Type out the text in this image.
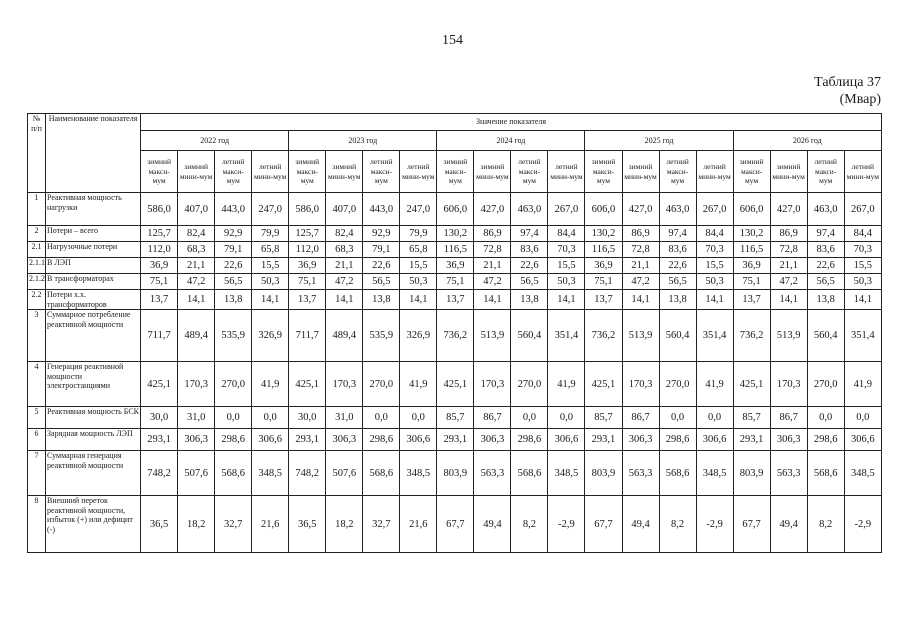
154
Таблица 37
(Мвар)
№ п/п	Наименование показателя	Значение показателя																			
		2022 год				2023 год				2024 год				2025 год				2026 год			
		зимний макси-мум	зимний мини-мум	летний макси-мум	летний мини-мум	зимний макси-мум	зимний мини-мум	летний макси-мум	летний мини-мум	зимний макси-мум	зимний мини-мум	летний макси-мум	летний мини-мум	зимний макси-мум	зимний мини-мум	летний макси-мум	летний мини-мум	зимний макси-мум	зимний мини-мум	летний макси-мум	летний мини-мум
1	Реактивная мощность нагрузки	586,0	407,0	443,0	247,0	586,0	407,0	443,0	247,0	606,0	427,0	463,0	267,0	606,0	427,0	463,0	267,0	606,0	427,0	463,0	267,0
2	Потери – всего	125,7	82,4	92,9	79,9	125,7	82,4	92,9	79,9	130,2	86,9	97,4	84,4	130,2	86,9	97,4	84,4	130,2	86,9	97,4	84,4
2.1	Нагрузочные потери	112,0	68,3	79,1	65,8	112,0	68,3	79,1	65,8	116,5	72,8	83,6	70,3	116,5	72,8	83,6	70,3	116,5	72,8	83,6	70,3
2.1.1	В ЛЭП	36,9	21,1	22,6	15,5	36,9	21,1	22,6	15,5	36,9	21,1	22,6	15,5	36,9	21,1	22,6	15,5	36,9	21,1	22,6	15,5
2.1.2	В трансформаторах	75,1	47,2	56,5	50,3	75,1	47,2	56,5	50,3	75,1	47,2	56,5	50,3	75,1	47,2	56,5	50,3	75,1	47,2	56,5	50,3
2.2	Потери х.х. трансформаторов	13,7	14,1	13,8	14,1	13,7	14,1	13,8	14,1	13,7	14,1	13,8	14,1	13,7	14,1	13,8	14,1	13,7	14,1	13,8	14,1
3	Суммарное потребление реактивной мощности	711,7	489,4	535,9	326,9	711,7	489,4	535,9	326,9	736,2	513,9	560,4	351,4	736,2	513,9	560,4	351,4	736,2	513,9	560,4	351,4
4	Генерация реактивной мощности электростанциями	425,1	170,3	270,0	41,9	425,1	170,3	270,0	41,9	425,1	170,3	270,0	41,9	425,1	170,3	270,0	41,9	425,1	170,3	270,0	41,9
5	Реактивная мощность БСК	30,0	31,0	0,0	0,0	30,0	31,0	0,0	0,0	85,7	86,7	0,0	0,0	85,7	86,7	0,0	0,0	85,7	86,7	0,0	0,0
6	Зарядная мощность ЛЭП	293,1	306,3	298,6	306,6	293,1	306,3	298,6	306,6	293,1	306,3	298,6	306,6	293,1	306,3	298,6	306,6	293,1	306,3	298,6	306,6
7	Суммарная генерация реактивной мощности	748,2	507,6	568,6	348,5	748,2	507,6	568,6	348,5	803,9	563,3	568,6	348,5	803,9	563,3	568,6	348,5	803,9	563,3	568,6	348,5
8	Внешний переток реактивной мощности, избыток (+) или дефицит (-)	36,5	18,2	32,7	21,6	36,5	18,2	32,7	21,6	67,7	49,4	8,2	-2,9	67,7	49,4	8,2	-2,9	67,7	49,4	8,2	-2,9
